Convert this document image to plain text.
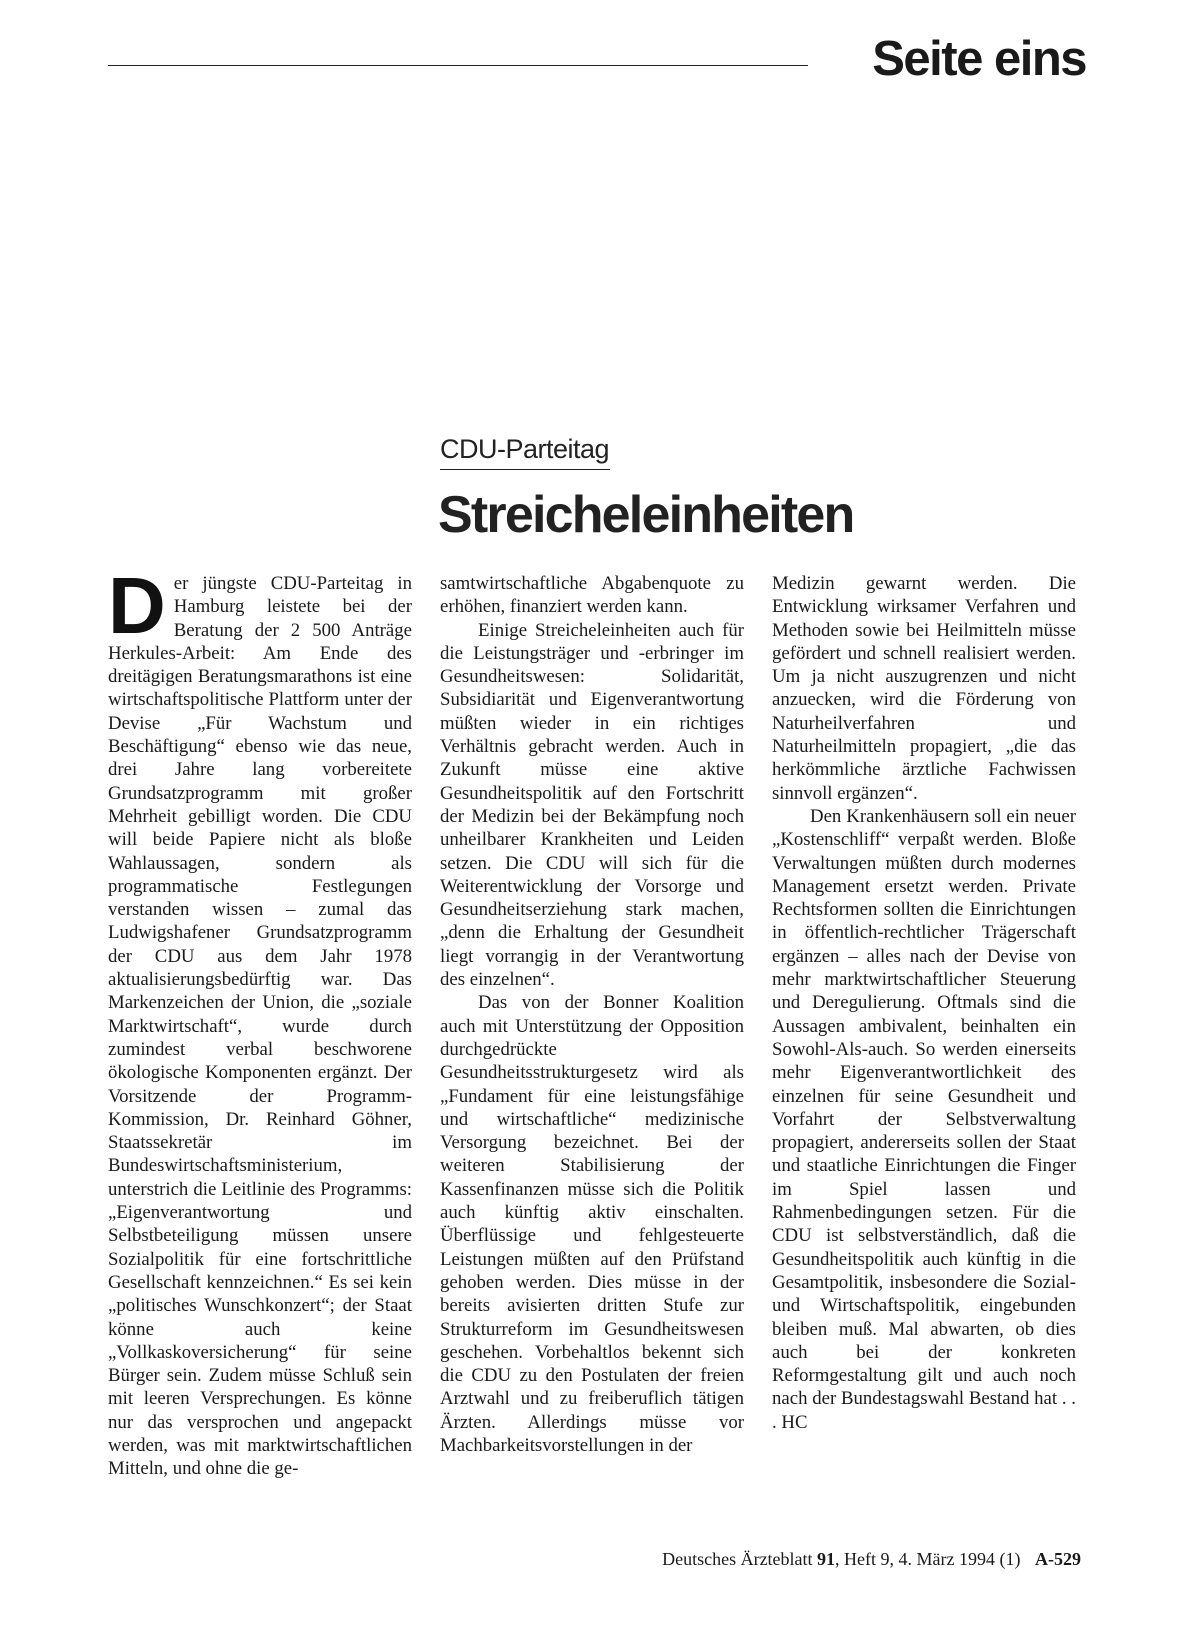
Seite eins
CDU-Parteitag
Streicheleinheiten
D er jüngste CDU-Parteitag in Hamburg leistete bei der Beratung der 2 500 Anträge Herkules-Arbeit: Am Ende des dreitägigen Beratungsmarathons ist eine wirtschaftspolitische Plattform unter der Devise „Für Wachstum und Beschäftigung“ ebenso wie das neue, drei Jahre lang vorbereitete Grundsatzprogramm mit großer Mehrheit gebilligt worden. Die CDU will beide Papiere nicht als bloße Wahlaussagen, sondern als programmatische Festlegungen verstanden wissen – zumal das Ludwigshafener Grundsatzprogramm der CDU aus dem Jahr 1978 aktualisierungsbedürftig war. Das Markenzeichen der Union, die „soziale Marktwirtschaft“, wurde durch zumindest verbal beschworene ökologische Komponenten ergänzt. Der Vorsitzende der Programm-Kommission, Dr. Reinhard Göhner, Staatssekretär im Bundeswirtschaftsministerium, unterstrich die Leitlinie des Programms: „Eigenverantwortung und Selbstbeteiligung müssen unsere Sozialpolitik für eine fortschrittliche Gesellschaft kennzeichnen.“ Es sei kein „politisches Wunschkonzert“; der Staat könne auch keine „Vollkaskoversicherung“ für seine Bürger sein. Zudem müsse Schluß sein mit leeren Versprechungen. Es könne nur das versprochen und angepackt werden, was mit marktwirtschaftlichen Mitteln, und ohne die ge-

samtwirtschaftliche Abgabenquote zu erhöhen, finanziert werden kann.

Einige Streicheleinheiten auch für die Leistungsträger und -erbringer im Gesundheitswesen: Solidarität, Subsidiarität und Eigenverantwortung müßten wieder in ein richtiges Verhältnis gebracht werden. Auch in Zukunft müsse eine aktive Gesundheitspolitik auf den Fortschritt der Medizin bei der Bekämpfung noch unheilbarer Krankheiten und Leiden setzen. Die CDU will sich für die Weiterentwicklung der Vorsorge und Gesundheitserziehung stark machen, „denn die Erhaltung der Gesundheit liegt vorrangig in der Verantwortung des einzelnen“.

Das von der Bonner Koalition auch mit Unterstützung der Opposition durchgedrückte Gesundheitsstrukturgesetz wird als „Fundament für eine leistungsfähige und wirtschaftliche“ medizinische Versorgung bezeichnet. Bei der weiteren Stabilisierung der Kassenfinanzen müsse sich die Politik auch künftig aktiv einschalten. Überflüssige und fehlgesteuerte Leistungen müßten auf den Prüfstand gehoben werden. Dies müsse in der bereits avisierten dritten Stufe zur Strukturreform im Gesundheitswesen geschehen. Vorbehaltlos bekennt sich die CDU zu den Postulaten der freien Arztwahl und zu freiberuflich tätigen Ärzten. Allerdings müsse vor Machbarkeitsvorstellungen in der

Medizin gewarnt werden. Die Entwicklung wirksamer Verfahren und Methoden sowie bei Heilmitteln müsse gefördert und schnell realisiert werden. Um ja nicht auszugrenzen und nicht anzuecken, wird die Förderung von Naturheilverfahren und Naturheilmitteln propagiert, „die das herkömmliche ärztliche Fachwissen sinnvoll ergänzen“.

Den Krankenhäusern soll ein neuer „Kostenschliff“ verpaßt werden. Bloße Verwaltungen müßten durch modernes Management ersetzt werden. Private Rechtsformen sollten die Einrichtungen in öffentlich-rechtlicher Trägerschaft ergänzen – alles nach der Devise von mehr marktwirtschaftlicher Steuerung und Deregulierung. Oftmals sind die Aussagen ambivalent, beinhalten ein Sowohl-Als-auch. So werden einerseits mehr Eigenverantwortlichkeit des einzelnen für seine Gesundheit und Vorfahrt der Selbstverwaltung propagiert, andererseits sollen der Staat und staatliche Einrichtungen die Finger im Spiel lassen und Rahmenbedingungen setzen. Für die CDU ist selbstverständlich, daß die Gesundheitspolitik auch künftig in die Gesamtpolitik, insbesondere die Sozial- und Wirtschaftspolitik, eingebunden bleiben muß. Mal abwarten, ob dies auch bei der konkreten Reformgestaltung gilt und auch noch nach der Bundestagswahl Bestand hat . . . HC

Deutsches Ärzteblatt 91, Heft 9, 4. März 1994 (1) A-529
